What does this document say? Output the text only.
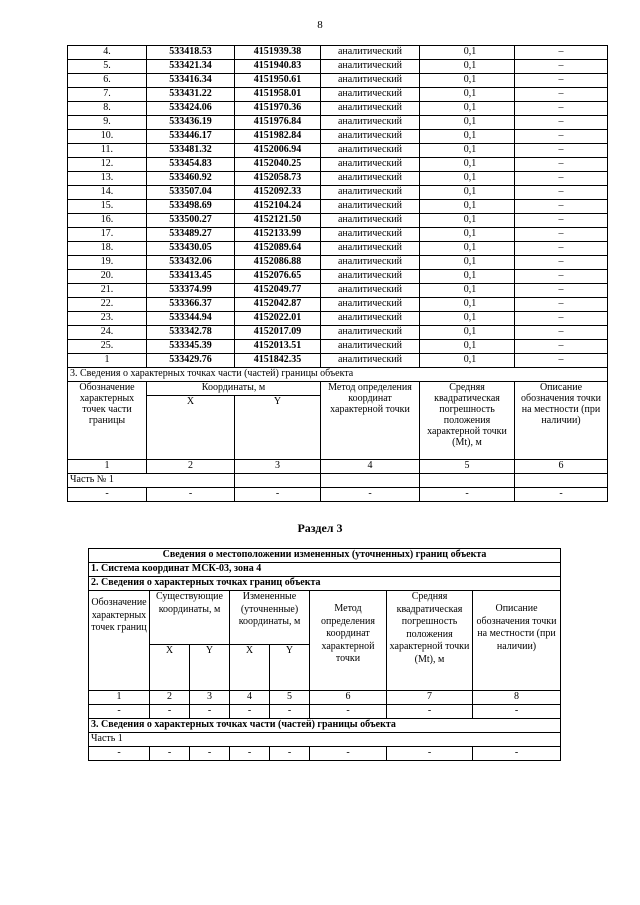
8
4.	533418.53	4151939.38	аналитический	0,1	–
5.	533421.34	4151940.83	аналитический	0,1	–
6.	533416.34	4151950.61	аналитический	0,1	–
7.	533431.22	4151958.01	аналитический	0,1	–
8.	533424.06	4151970.36	аналитический	0,1	–
9.	533436.19	4151976.84	аналитический	0,1	–
10.	533446.17	4151982.84	аналитический	0,1	–
11.	533481.32	4152006.94	аналитический	0,1	–
12.	533454.83	4152040.25	аналитический	0,1	–
13.	533460.92	4152058.73	аналитический	0,1	–
14.	533507.04	4152092.33	аналитический	0,1	–
15.	533498.69	4152104.24	аналитический	0,1	–
16.	533500.27	4152121.50	аналитический	0,1	–
17.	533489.27	4152133.99	аналитический	0,1	–
18.	533430.05	4152089.64	аналитический	0,1	–
19.	533432.06	4152086.88	аналитический	0,1	–
20.	533413.45	4152076.65	аналитический	0,1	–
21.	533374.99	4152049.77	аналитический	0,1	–
22.	533366.37	4152042.87	аналитический	0,1	–
23.	533344.94	4152022.01	аналитический	0,1	–
24.	533342.78	4152017.09	аналитический	0,1	–
25.	533345.39	4152013.51	аналитический	0,1	–
1	533429.76	4151842.35	аналитический	0,1	–
3. Сведения о характерных точках части (частей) границы объекта					
Обозначение характерных точек части границы	Координаты, м		Метод определения координат характерной точки	Средняя квадратическая погрешность положения характерной точки (Mt), м	Описание обозначения точки на местности (при наличии)
	X	Y			
1	2	3	4	5	6
Часть № 1					
-	-	-	-	-	-
Раздел 3
Сведения о местоположении измененных (уточненных) границ объекта							
1. Система координат МСК-03, зона 4							
2. Сведения о характерных точках границ объекта							
Обозначение характерных точек границ	Существующие координаты, м		Измененные (уточненные) координаты, м		Метод определения координат характерной точки	Средняя квадратическая погрешность положения характерной точки (Mt), м	Описание обозначения точки на местности (при наличии)
	X	Y	X	Y			
1	2	3	4	5	6	7	8
-	-	-	-	-	-	-	-
3. Сведения о характерных точках части (частей) границы объекта							
Часть 1							
-	-	-	-	-	-	-	-
